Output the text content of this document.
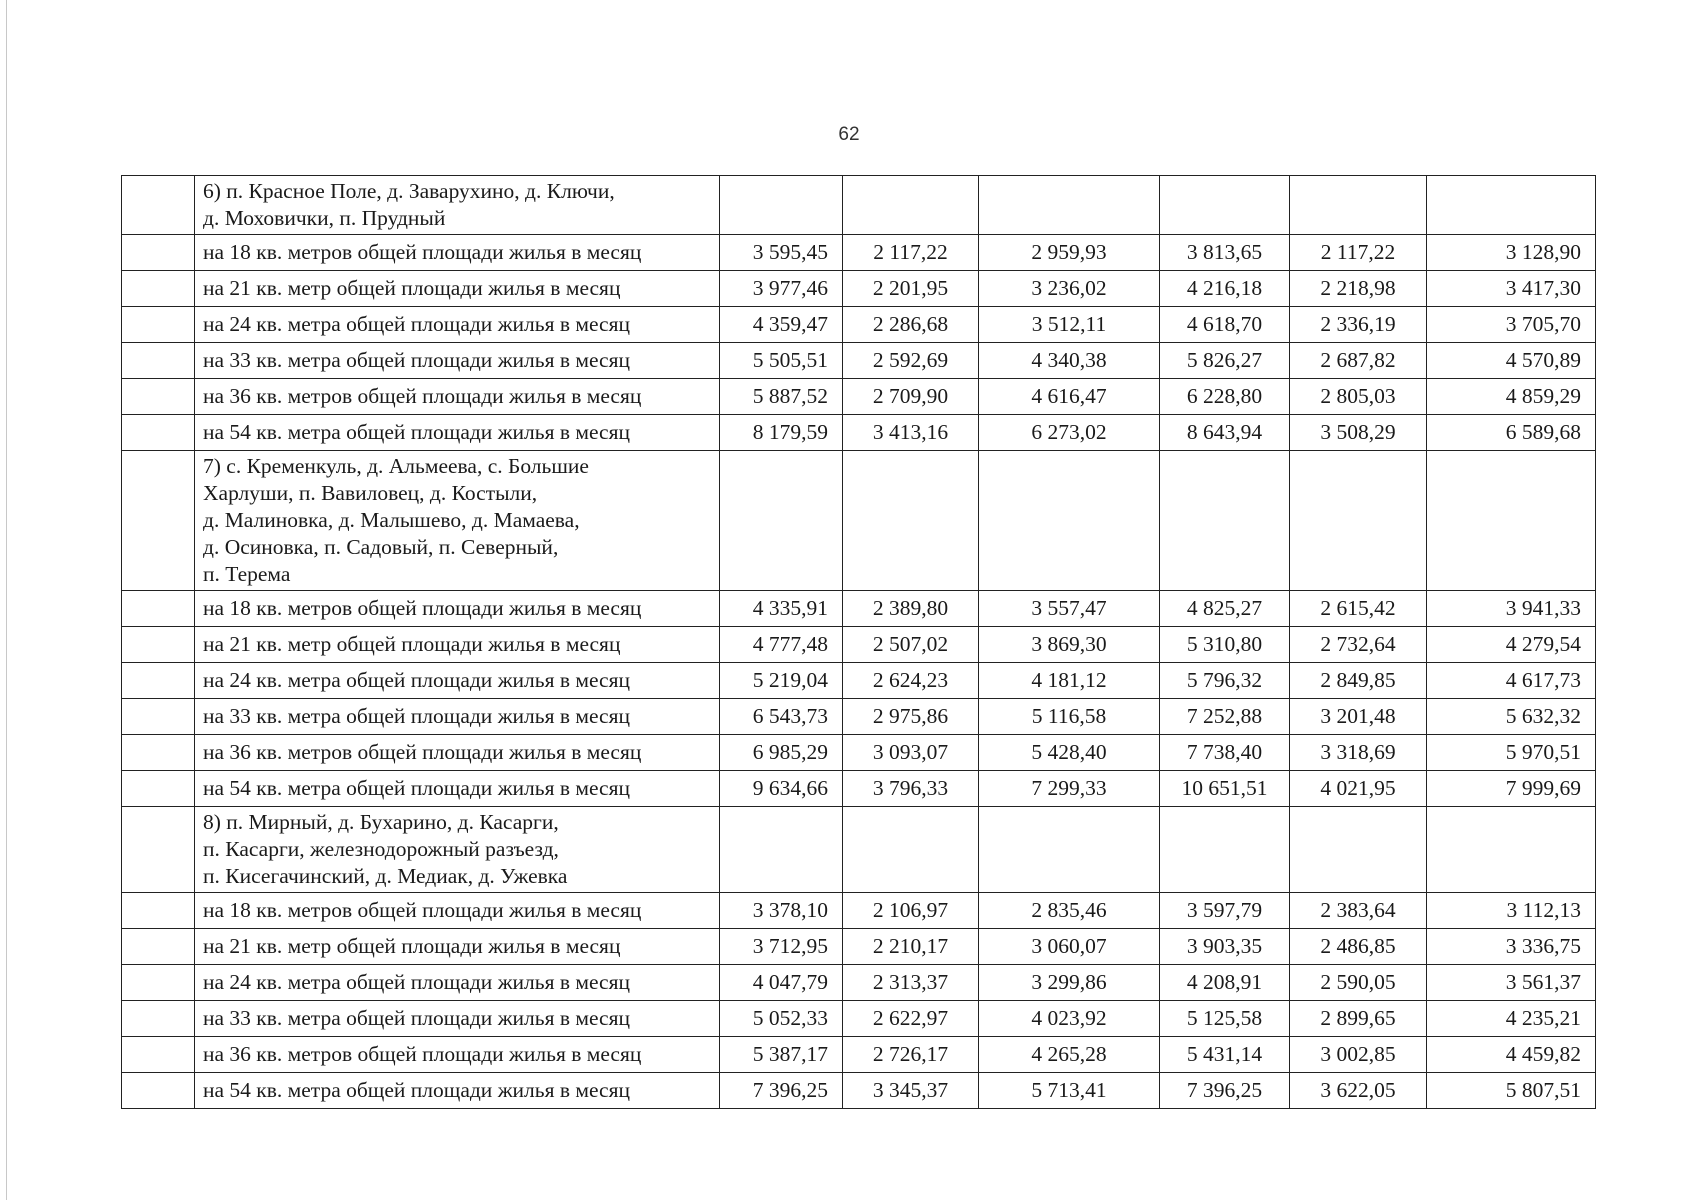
62

	6) п. Красное Поле, д. Заварухино, д. Ключи,
д. Моховички, п. Прудный						

	на 18 кв. метров общей площади жилья в месяц	3 595,45	2 117,22	2 959,93	3 813,65	2 117,22	3 128,90
	на 21 кв. метр общей площади жилья в месяц	3 977,46	2 201,95	3 236,02	4 216,18	2 218,98	3 417,30
	на 24 кв. метра общей площади жилья в месяц	4 359,47	2 286,68	3 512,11	4 618,70	2 336,19	3 705,70
	на 33 кв. метра общей площади жилья в месяц	5 505,51	2 592,69	4 340,38	5 826,27	2 687,82	4 570,89
	на 36 кв. метров общей площади жилья в месяц	5 887,52	2 709,90	4 616,47	6 228,80	2 805,03	4 859,29
	на 54 кв. метра общей площади жилья в месяц	8 179,59	3 413,16	6 273,02	8 643,94	3 508,29	6 589,68

	7) с. Кременкуль, д. Альмеева, с. Большие
Харлуши, п. Вавиловец, д. Костыли,
д. Малиновка, д. Малышево, д. Мамаева,
д. Осиновка, п. Садовый, п. Северный,
п. Терема						

	на 18 кв. метров общей площади жилья в месяц	4 335,91	2 389,80	3 557,47	4 825,27	2 615,42	3 941,33
	на 21 кв. метр общей площади жилья в месяц	4 777,48	2 507,02	3 869,30	5 310,80	2 732,64	4 279,54
	на 24 кв. метра общей площади жилья в месяц	5 219,04	2 624,23	4 181,12	5 796,32	2 849,85	4 617,73
	на 33 кв. метра общей площади жилья в месяц	6 543,73	2 975,86	5 116,58	7 252,88	3 201,48	5 632,32
	на 36 кв. метров общей площади жилья в месяц	6 985,29	3 093,07	5 428,40	7 738,40	3 318,69	5 970,51
	на 54 кв. метра общей площади жилья в месяц	9 634,66	3 796,33	7 299,33	10 651,51	4 021,95	7 999,69

	8) п. Мирный, д. Бухарино, д. Касарги,
п. Касарги, железнодорожный разъезд,
п. Кисегачинский, д. Медиак, д. Ужевка						

	на 18 кв. метров общей площади жилья в месяц	3 378,10	2 106,97	2 835,46	3 597,79	2 383,64	3 112,13
	на 21 кв. метр общей площади жилья в месяц	3 712,95	2 210,17	3 060,07	3 903,35	2 486,85	3 336,75
	на 24 кв. метра общей площади жилья в месяц	4 047,79	2 313,37	3 299,86	4 208,91	2 590,05	3 561,37
	на 33 кв. метра общей площади жилья в месяц	5 052,33	2 622,97	4 023,92	5 125,58	2 899,65	4 235,21
	на 36 кв. метров общей площади жилья в месяц	5 387,17	2 726,17	4 265,28	5 431,14	3 002,85	4 459,82
	на 54 кв. метра общей площади жилья в месяц	7 396,25	3 345,37	5 713,41	7 396,25	3 622,05	5 807,51
